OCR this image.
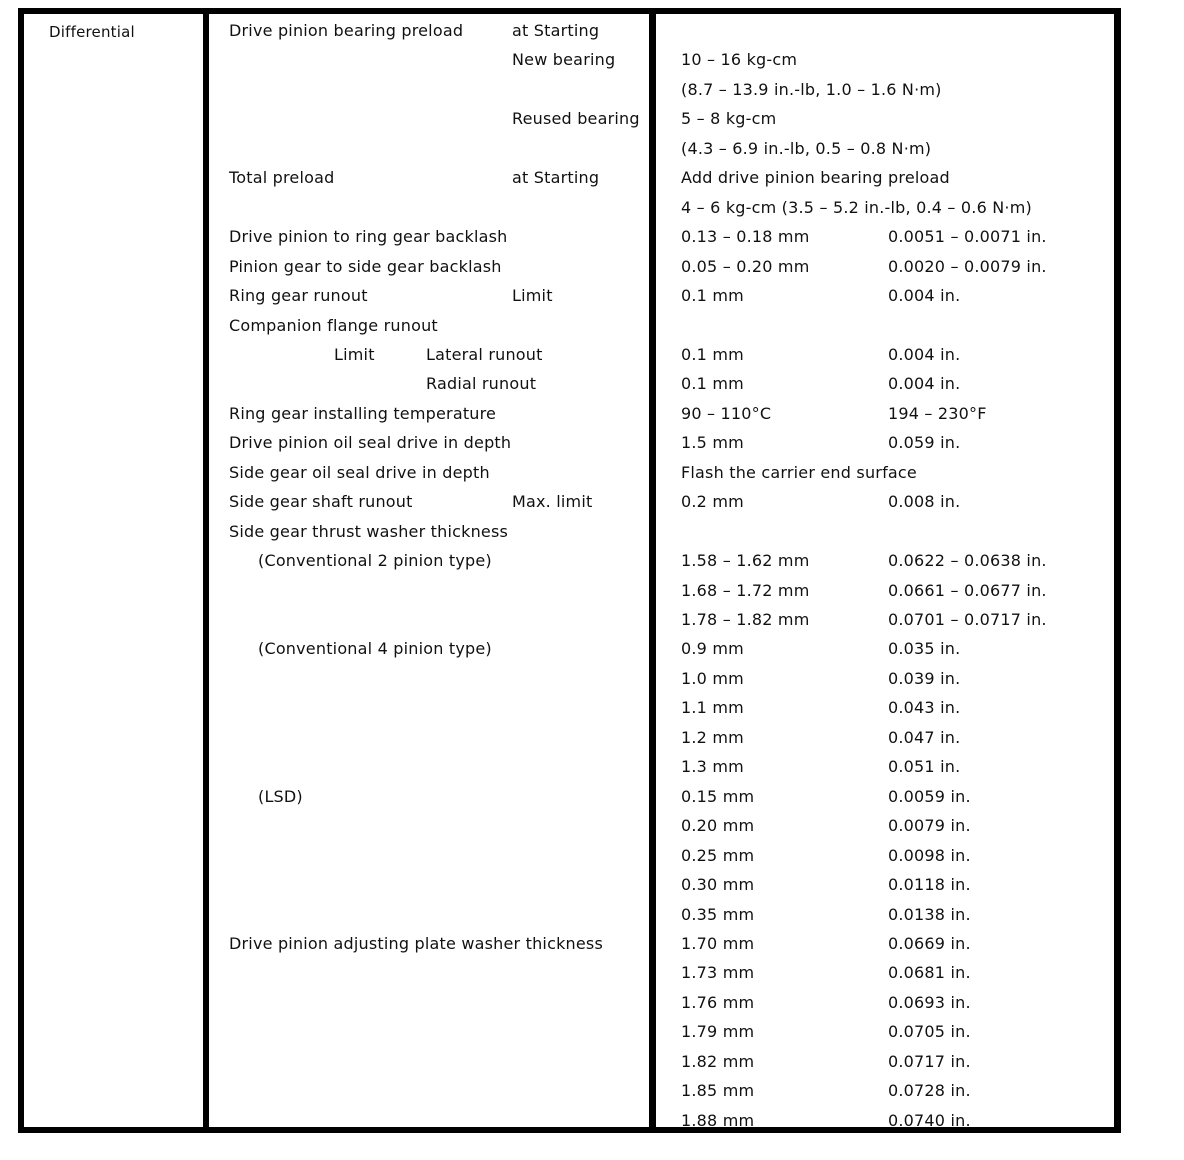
Differential	Drive pinion bearing preload	at Starting
New bearing	10 – 16 kg-cm
(8.7 – 13.9 in.-lb, 1.0 – 1.6 N·m)
Reused bearing	5 – 8 kg-cm
(4.3 – 6.9 in.-lb, 0.5 – 0.8 N·m)
Total preload	at Starting	Add drive pinion bearing preload
4 – 6 kg-cm (3.5 – 5.2 in.-lb, 0.4 – 0.6 N·m)
Drive pinion to ring gear backlash	0.13 – 0.18 mm	0.0051 – 0.0071 in.
Pinion gear to side gear backlash	0.05 – 0.20 mm	0.0020 – 0.0079 in.
Ring gear runout	Limit	0.1 mm	0.004 in.
Companion flange runout
Limit	Lateral runout	0.1 mm	0.004 in.
Radial runout	0.1 mm	0.004 in.
Ring gear installing temperature	90 – 110°C	194 – 230°F
Drive pinion oil seal drive in depth	1.5 mm	0.059 in.
Side gear oil seal drive in depth	Flash the carrier end surface
Side gear shaft runout	Max. limit	0.2 mm	0.008 in.
Side gear thrust washer thickness
(Conventional 2 pinion type)	1.58 – 1.62 mm	0.0622 – 0.0638 in.
1.68 – 1.72 mm	0.0661 – 0.0677 in.
1.78 – 1.82 mm	0.0701 – 0.0717 in.
(Conventional 4 pinion type)	0.9 mm	0.035 in.
1.0 mm	0.039 in.
1.1 mm	0.043 in.
1.2 mm	0.047 in.
1.3 mm	0.051 in.
(LSD)	0.15 mm	0.0059 in.
0.20 mm	0.0079 in.
0.25 mm	0.0098 in.
0.30 mm	0.0118 in.
0.35 mm	0.0138 in.
Drive pinion adjusting plate washer thickness	1.70 mm	0.0669 in.
1.73 mm	0.0681 in.
1.76 mm	0.0693 in.
1.79 mm	0.0705 in.
1.82 mm	0.0717 in.
1.85 mm	0.0728 in.
1.88 mm	0.0740 in.
